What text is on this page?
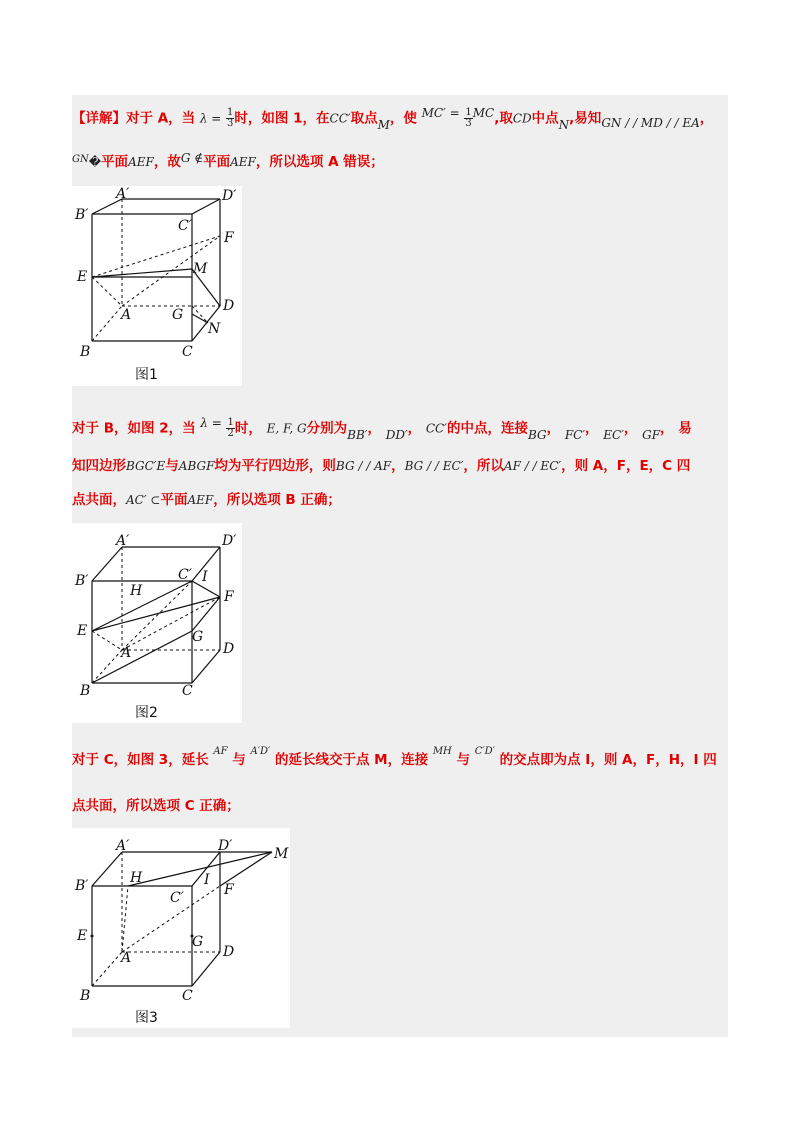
【详解】对于 A，当 $\lambda = \frac{1}{3}$ 时，如图 1，在CC′取点M，使 $MC' = \frac{1}{3}$ MC,取CD中点N,易知GN / / MD / / EA，
$^{GN}$�平面AEF，故G ∉平面AEF，所以选项 A 错误；
A′	D′
B′
C′
F
E	M
D
A	G
N
B	C
图1
对于 B，如图 2，当 $\lambda = \frac{1}{2}$ 时， E, F, G分别为BB′， DD′， CC′的中点，连接BG， FC′， EC′， GF， 易
知四边形BGC′E与ABGF均为平行四边形，则BG / / AF，BG / / EC′，所以AF / / EC′，则 A，F，E，C 四
点共面，AC′ ⊂平面AEF，所以选项 B 正确；
A′	D′
B′	C′ I
H	F
E	G
D
A
B	C
图2
对于 C，如图 3，延长 $^{AF}$ 与 $^{A'D'}$ 的延长线交于点 M，连接 $^{MH}$ 与 $^{C'D'}$ 的交点即为点 I，则 A，F，H，I 四
点共面，所以选项 C 正确；
A′	D′	M
B′	H	I
C′	F
E	G
D
A
B	C
图3
